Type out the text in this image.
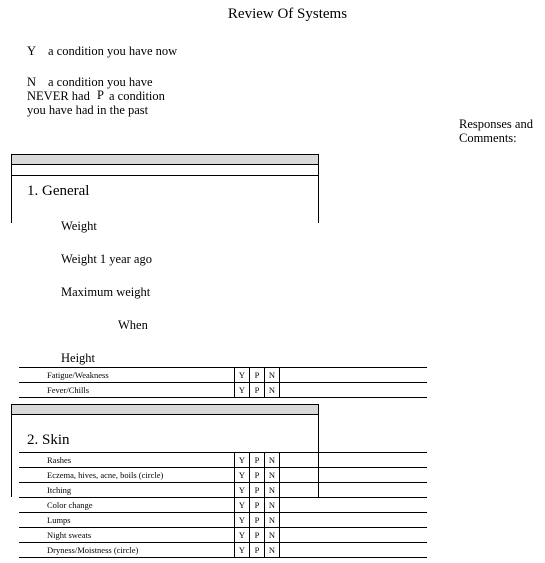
Review Of Systems
Y a condition you have now
N a condition you have
NEVER had P a condition
you have had in the past
Responses and
Comments:
1. General
Weight
Weight 1 year ago
Maximum weight
When
Height
Fatigue/Weakness	Y	P	N	
Fever/Chills	Y	P	N	
2. Skin
Rashes	Y	P	N	
Eczema, hives, acne, boils (circle)	Y	P	N	
Itching	Y	P	N	
Color change	Y	P	N	
Lumps	Y	P	N	
Night sweats	Y	P	N	
Dryness/Moistness (circle)	Y	P	N	
